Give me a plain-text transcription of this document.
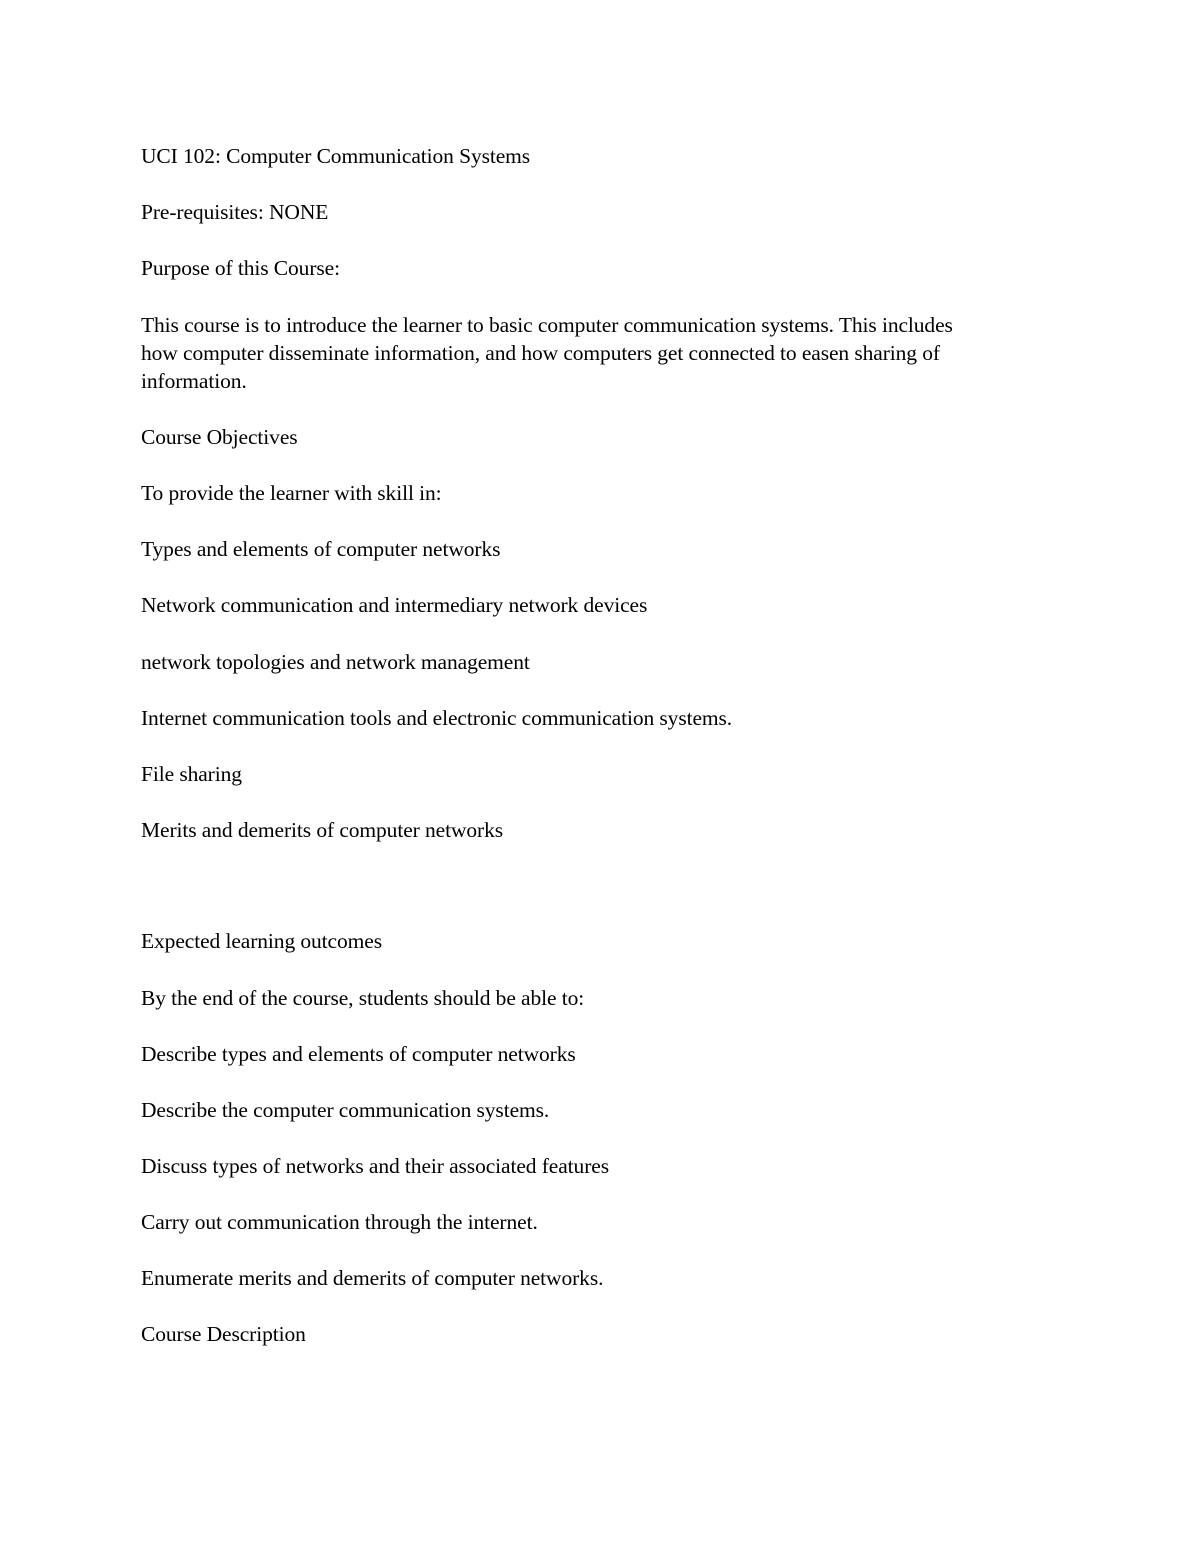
UCI 102: Computer Communication Systems

Pre-requisites: NONE

Purpose of this Course:

This course is to introduce the learner to basic computer communication systems. This includes
how computer disseminate information, and how computers get connected to easen sharing of
information.

Course Objectives

To provide the learner with skill in:

Types and elements of computer networks

Network communication and intermediary network devices

network topologies and network management

Internet communication tools and electronic communication systems.

File sharing

Merits and demerits of computer networks

Expected learning outcomes

By the end of the course, students should be able to:

Describe types and elements of computer networks

Describe the computer communication systems.

Discuss types of networks and their associated features

Carry out communication through the internet.

Enumerate merits and demerits of computer networks.

Course Description
